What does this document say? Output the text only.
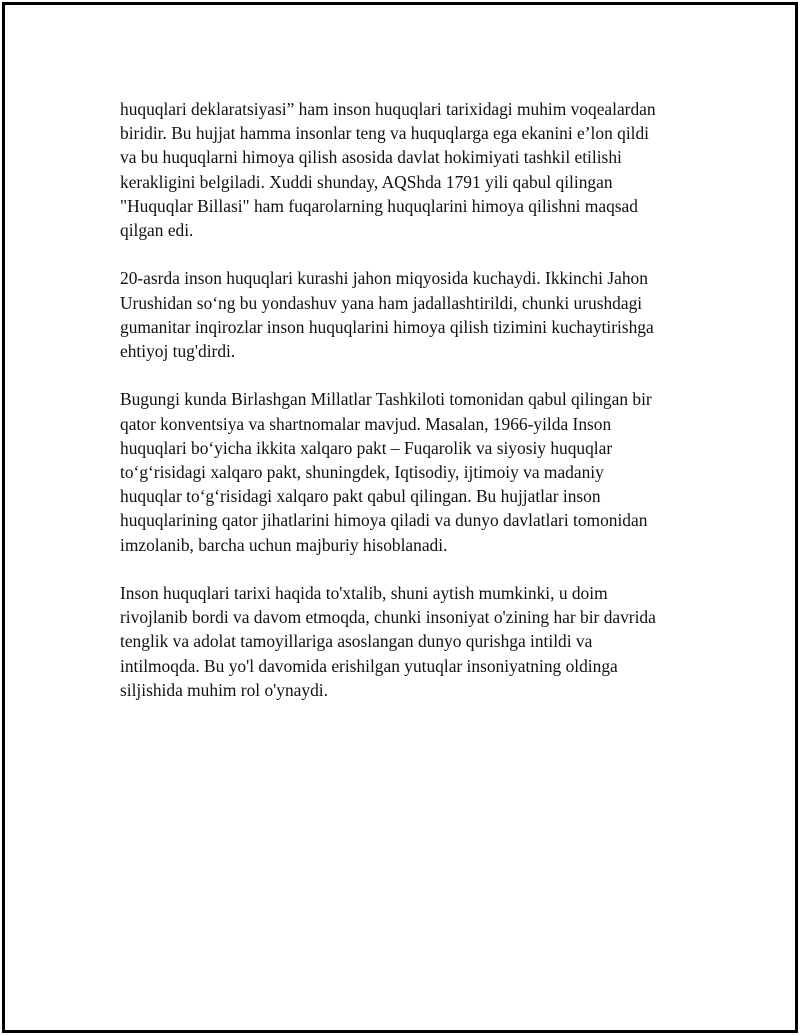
huquqlari deklaratsiyasi” ham inson huquqlari tarixidagi muhim voqealardan
biridir. Bu hujjat hamma insonlar teng va huquqlarga ega ekanini e’lon qildi
va bu huquqlarni himoya qilish asosida davlat hokimiyati tashkil etilishi
kerakligini belgiladi. Xuddi shunday, AQShda 1791 yili qabul qilingan
"Huquqlar Billasi" ham fuqarolarning huquqlarini himoya qilishni maqsad
qilgan edi.

20-asrda inson huquqlari kurashi jahon miqyosida kuchaydi. Ikkinchi Jahon
Urushidan so‘ng bu yondashuv yana ham jadallashtirildi, chunki urushdagi
gumanitar inqirozlar inson huquqlarini himoya qilish tizimini kuchaytirishga
ehtiyoj tug'dirdi.

Bugungi kunda Birlashgan Millatlar Tashkiloti tomonidan qabul qilingan bir
qator konventsiya va shartnomalar mavjud. Masalan, 1966-yilda Inson
huquqlari bo‘yicha ikkita xalqaro pakt – Fuqarolik va siyosiy huquqlar
to‘g‘risidagi xalqaro pakt, shuningdek, Iqtisodiy, ijtimoiy va madaniy
huquqlar to‘g‘risidagi xalqaro pakt qabul qilingan. Bu hujjatlar inson
huquqlarining qator jihatlarini himoya qiladi va dunyo davlatlari tomonidan
imzolanib, barcha uchun majburiy hisoblanadi.

Inson huquqlari tarixi haqida to'xtalib, shuni aytish mumkinki, u doim
rivojlanib bordi va davom etmoqda, chunki insoniyat o'zining har bir davrida
tenglik va adolat tamoyillariga asoslangan dunyo qurishga intildi va
intilmoqda. Bu yo'l davomida erishilgan yutuqlar insoniyatning oldinga
siljishida muhim rol o'ynaydi.
